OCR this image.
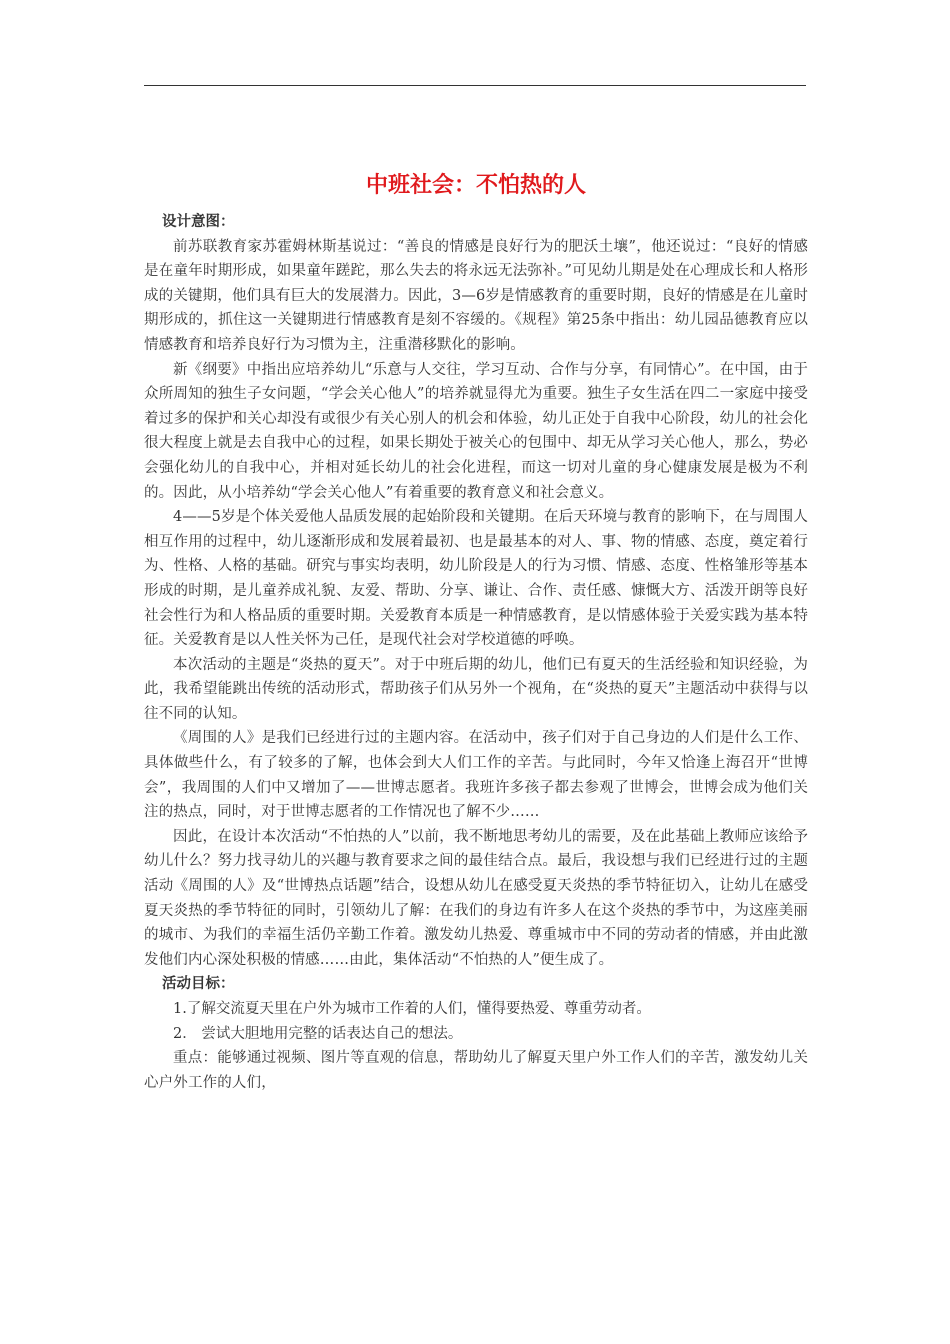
中班社会：不怕热的人

设计意图：

前苏联教育家苏霍姆林斯基说过：“善良的情感是良好行为的肥沃土壤”，他还说过：“良好的情感是在童年时期形成，如果童年蹉跎，那么失去的将永远无法弥补。”可见幼儿期是处在心理成长和人格形成的关键期，他们具有巨大的发展潜力。因此，3—6岁是情感教育的重要时期，良好的情感是在儿童时期形成的，抓住这一关键期进行情感教育是刻不容缓的。《规程》第25条中指出：幼儿园品德教育应以情感教育和培养良好行为习惯为主，注重潜移默化的影响。

新《纲要》中指出应培养幼儿“乐意与人交往，学习互动、合作与分享，有同情心”。在中国，由于众所周知的独生子女问题，“学会关心他人”的培养就显得尤为重要。独生子女生活在四二一家庭中接受着过多的保护和关心却没有或很少有关心别人的机会和体验，幼儿正处于自我中心阶段，幼儿的社会化很大程度上就是去自我中心的过程，如果长期处于被关心的包围中、却无从学习关心他人，那么，势必会强化幼儿的自我中心，并相对延长幼儿的社会化进程，而这一切对儿童的身心健康发展是极为不利的。因此，从小培养幼“学会关心他人”有着重要的教育意义和社会意义。

4——5岁是个体关爱他人品质发展的起始阶段和关键期。在后天环境与教育的影响下，在与周围人相互作用的过程中，幼儿逐渐形成和发展着最初、也是最基本的对人、事、物的情感、态度，奠定着行为、性格、人格的基础。研究与事实均表明，幼儿阶段是人的行为习惯、情感、态度、性格雏形等基本形成的时期，是儿童养成礼貌、友爱、帮助、分享、谦让、合作、责任感、慷慨大方、活泼开朗等良好社会性行为和人格品质的重要时期。关爱教育本质是一种情感教育，是以情感体验于关爱实践为基本特征。关爱教育是以人性关怀为己任，是现代社会对学校道德的呼唤。

本次活动的主题是“炎热的夏天”。对于中班后期的幼儿，他们已有夏天的生活经验和知识经验，为此，我希望能跳出传统的活动形式，帮助孩子们从另外一个视角，在“炎热的夏天”主题活动中获得与以往不同的认知。

《周围的人》是我们已经进行过的主题内容。在活动中，孩子们对于自己身边的人们是什么工作、具体做些什么，有了较多的了解，也体会到大人们工作的辛苦。与此同时，今年又恰逢上海召开“世博会”，我周围的人们中又增加了——世博志愿者。我班许多孩子都去参观了世博会，世博会成为他们关注的热点，同时，对于世博志愿者的工作情况也了解不少……

因此，在设计本次活动“不怕热的人”以前，我不断地思考幼儿的需要，及在此基础上教师应该给予幼儿什么？努力找寻幼儿的兴趣与教育要求之间的最佳结合点。最后，我设想与我们已经进行过的主题活动《周围的人》及“世博热点话题”结合，设想从幼儿在感受夏天炎热的季节特征切入，让幼儿在感受夏天炎热的季节特征的同时，引领幼儿了解：在我们的身边有许多人在这个炎热的季节中，为这座美丽的城市、为我们的幸福生活仍辛勤工作着。激发幼儿热爱、尊重城市中不同的劳动者的情感，并由此激发他们内心深处积极的情感……由此，集体活动“不怕热的人”便生成了。

活动目标：

1.了解交流夏天里在户外为城市工作着的人们，懂得要热爱、尊重劳动者。

2． 尝试大胆地用完整的话表达自己的想法。

重点：能够通过视频、图片等直观的信息，帮助幼儿了解夏天里户外工作人们的辛苦，激发幼儿关心户外工作的人们，
